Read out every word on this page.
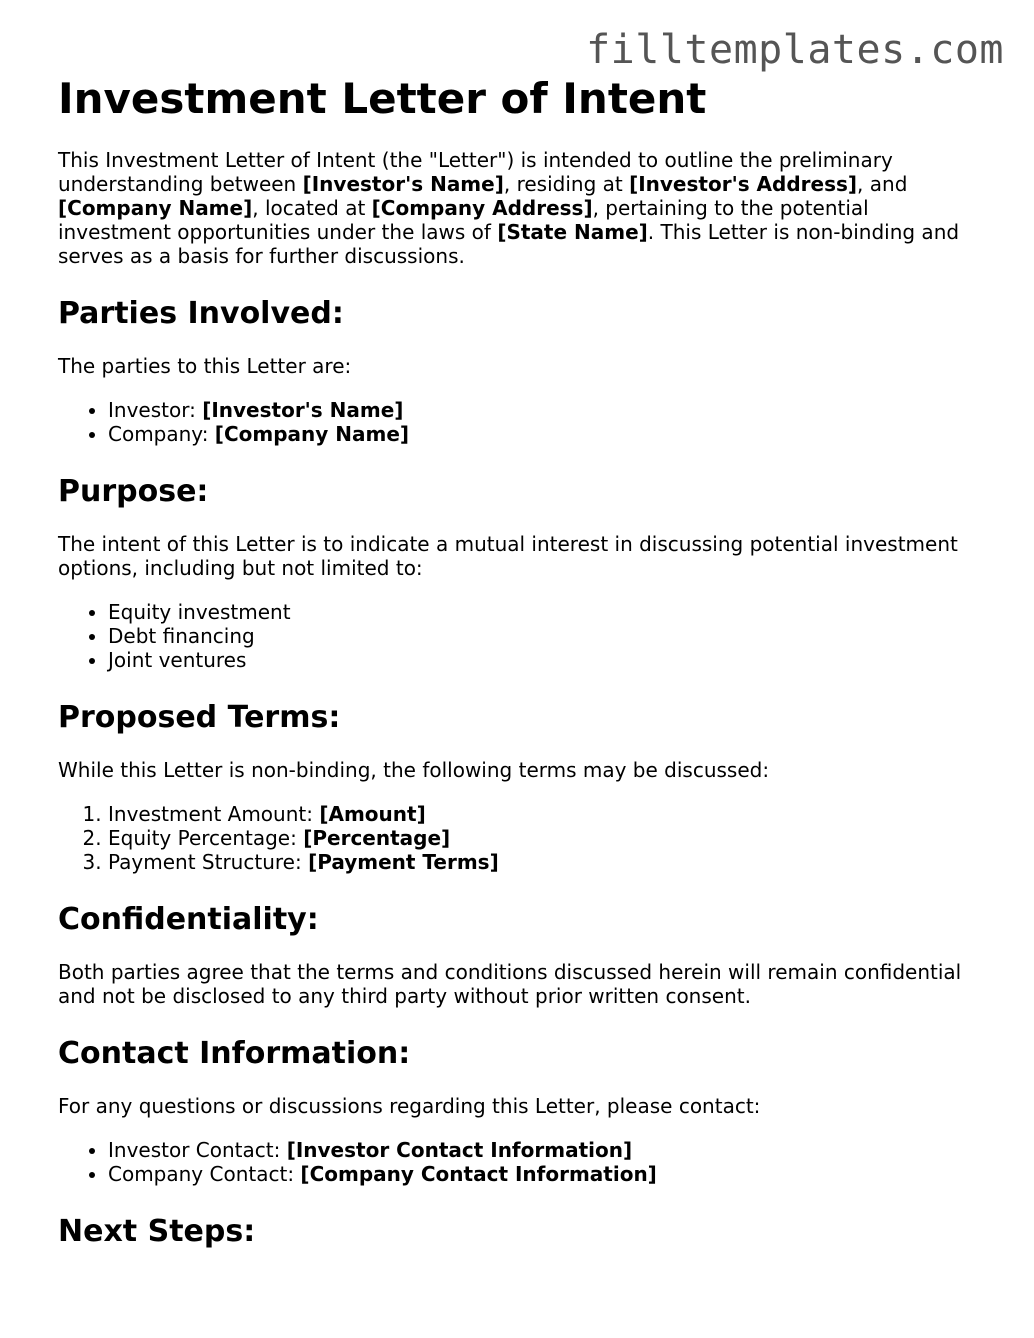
filltemplates.com
Investment Letter of Intent

This Investment Letter of Intent (the "Letter") is intended to outline the preliminary understanding between [Investor's Name], residing at [Investor's Address], and [Company Name], located at [Company Address], pertaining to the potential investment opportunities under the laws of [State Name]. This Letter is non-binding and serves as a basis for further discussions.

Parties Involved:

The parties to this Letter are:

• Investor: [Investor's Name]
• Company: [Company Name]
Purpose:

The intent of this Letter is to indicate a mutual interest in discussing potential investment options, including but not limited to:

• Equity investment
• Debt financing
• Joint ventures
Proposed Terms:

While this Letter is non-binding, the following terms may be discussed:

1. Investment Amount: [Amount]
2. Equity Percentage: [Percentage]
3. Payment Structure: [Payment Terms]
Confidentiality:

Both parties agree that the terms and conditions discussed herein will remain confidential and not be disclosed to any third party without prior written consent.

Contact Information:

For any questions or discussions regarding this Letter, please contact:

• Investor Contact: [Investor Contact Information]
• Company Contact: [Company Contact Information]
Next Steps:
